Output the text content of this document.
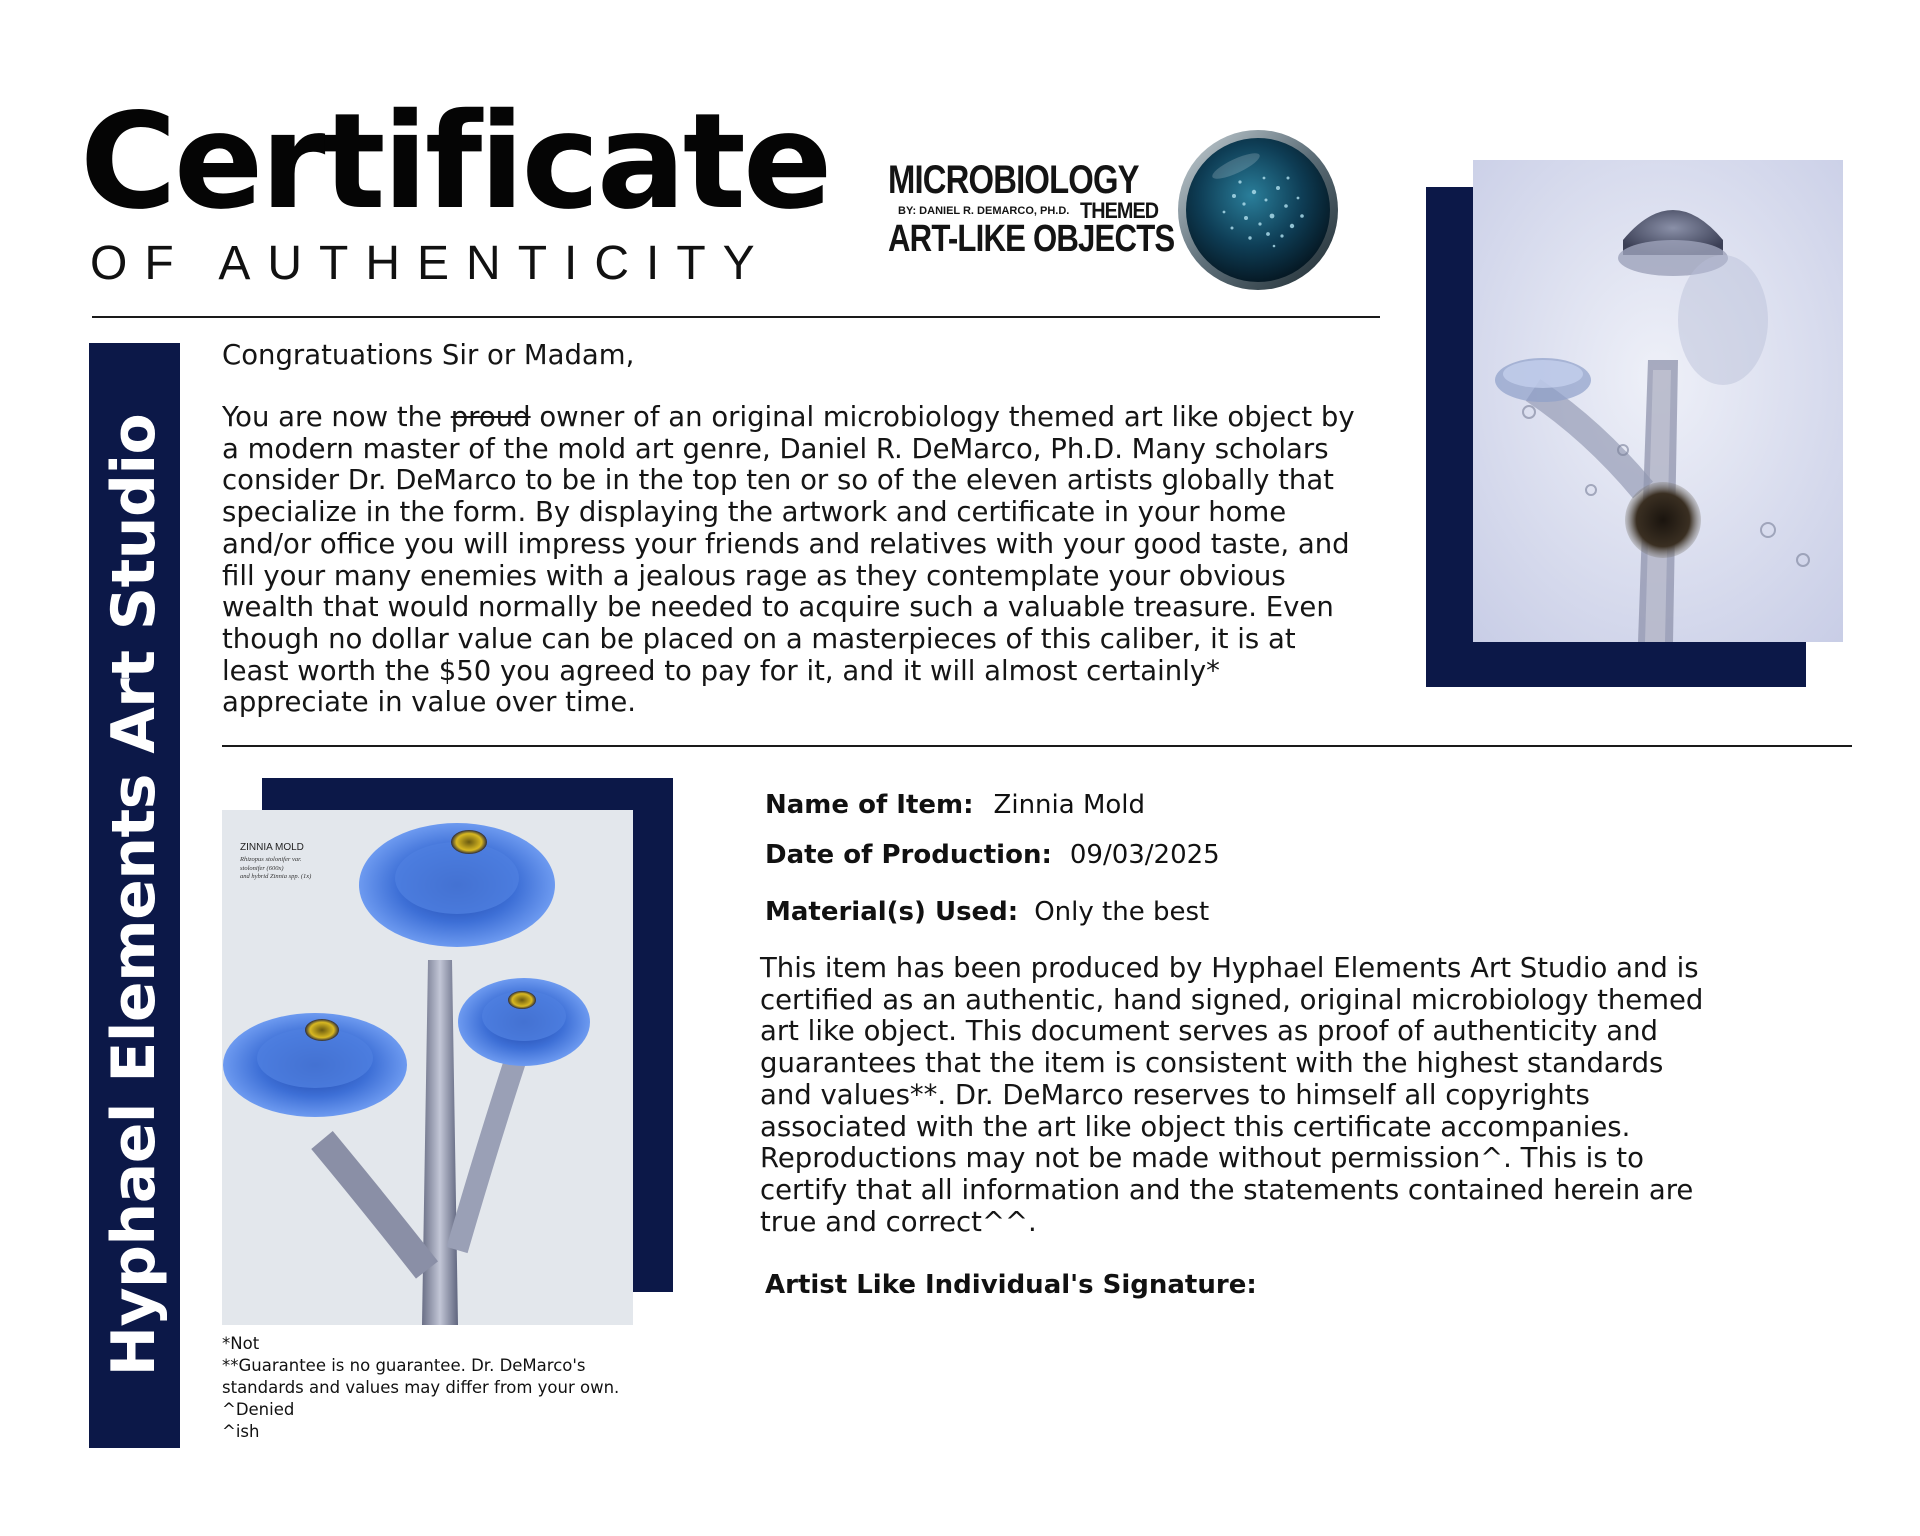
Certificate
OF AUTHENTICITY
MICROBIOLOGY
BY: DANIEL R. DEMARCO, PH.D. THEMED
ART-LIKE OBJECTS
Hyphael Elements Art Studio
Congratuations Sir or Madam,
You are now the proud owner of an original microbiology themed art like object by
a modern master of the mold art genre, Daniel R. DeMarco, Ph.D. Many scholars
consider Dr. DeMarco to be in the top ten or so of the eleven artists globally that
specialize in the form. By displaying the artwork and certificate in your home
and/or office you will impress your friends and relatives with your good taste, and
fill your many enemies with a jealous rage as they contemplate your obvious
wealth that would normally be needed to acquire such a valuable treasure. Even
though no dollar value can be placed on a masterpieces of this caliber, it is at
least worth the $50 you agreed to pay for it, and it will almost certainly*
appreciate in value over time.
ZINNIA MOLD
Rhizopus stolonifer var.
stolonifer (600x)
and hybrid Zinnia spp. (1x)
*Not
**Guarantee is no guarantee. Dr. DeMarco's
standards and values may differ from your own.
^Denied
^ish
Name of Item: Zinnia Mold
Date of Production: 09/03/2025
Material(s) Used: Only the best
This item has been produced by Hyphael Elements Art Studio and is
certified as an authentic, hand signed, original microbiology themed
art like object. This document serves as proof of authenticity and
guarantees that the item is consistent with the highest standards
and values**. Dr. DeMarco reserves to himself all copyrights
associated with the art like object this certificate accompanies.
Reproductions may not be made without permission^. This is to
certify that all information and the statements contained herein are
true and correct^^.
Artist Like Individual's Signature:
